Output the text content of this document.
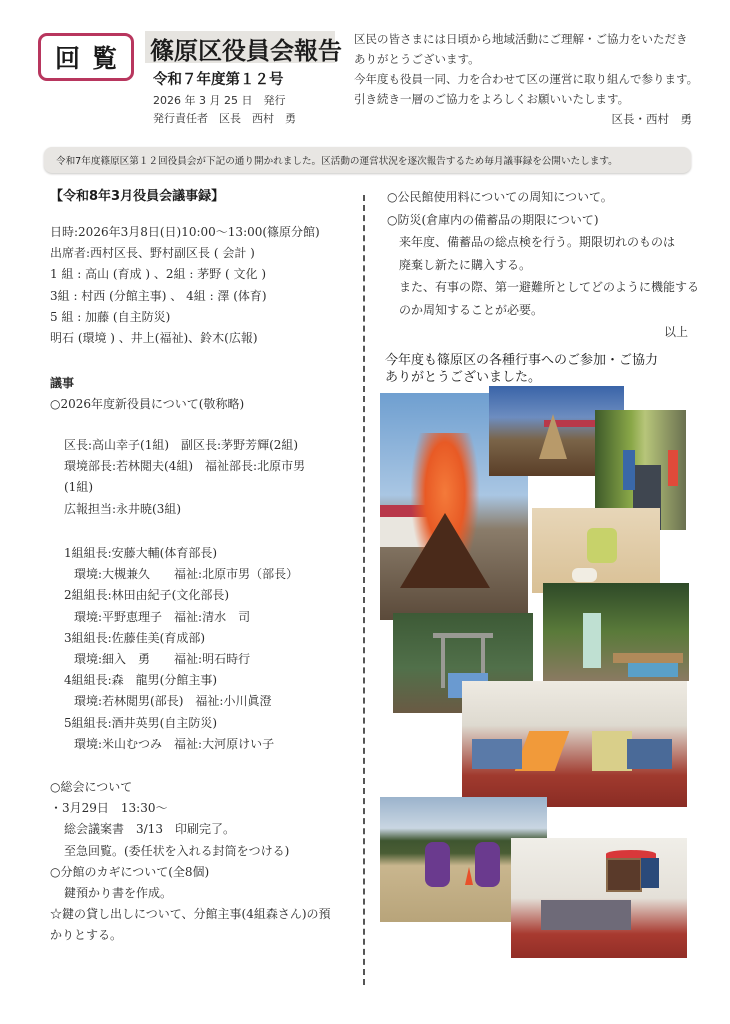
回 覧 篠原区役員会報告
令和７年度第１２号
2026 年 3 月 25 日　発行
発行責任者　区長　西村　勇

区民の皆さまには日頃から地域活動にご理解・ご協力をいただき

ありがとうございます。

今年度も役員一同、力を合わせて区の運営に取り組んで参ります。

引き続き一層のご協力をよろしくお願いいたします。

区長・西村　勇

令和7年度篠原区第１２回役員会が下記の通り開かれました。区活動の運営状況を逐次報告するため毎月議事録を公開いたします。
【令和8年3月役員会議事録】

日時:2026年3月8日(日)10:00～13:00(篠原分館)

出席者:西村区長、野村副区長 ( 会計 )

1 組 : 高山 (育成 ) 、2組 : 茅野 ( 文化 )

3組 : 村西 (分館主事) 、 4組 : 澤 (体育)

5 組 : 加藤 (自主防災)

明石 (環境 ) 、井上(福祉)、鈴木(広報)

議事

○2026年度新役員について(敬称略)

区長:高山幸子(1組)　副区長:茅野芳輝(2組)

環境部長:若林閲夫(4組)　福祉部長:北原市男

(1組)

広報担当:永井暁(3組)

1組組長:安藤大輔(体育部長)

環境:大槻兼久　　福祉:北原市男（部長）

2組組長:林田由紀子(文化部長)

環境:平野恵理子　福祉:清水　司

3組組長:佐藤佳美(育成部)

環境:細入　勇　　福祉:明石時行

4組組長:森　龍男(分館主事)

環境:若林閲男(部長)　福祉:小川眞澄

5組組長:酒井英男(自主防災)

環境:米山むつみ　福祉:大河原けい子

○総会について

・3月29日　13:30～

総会議案書　3/13　印刷完了。

至急回覧。(委任状を入れる封筒をつける)

○分館のカギについて(全8個)

鍵預かり書を作成。

☆鍵の貸し出しについて、分館主事(4組森さん)の預

かりとする。

○公民館使用料についての周知について。

○防災(倉庫内の備蓄品の期限について)

来年度、備蓄品の総点検を行う。期限切れのものは

廃棄し新たに購入する。

また、有事の際、第一避難所としてどのように機能する

のか周知することが必要。

以上

今年度も篠原区の各種行事へのご参加・ご協力

ありがとうございました。
